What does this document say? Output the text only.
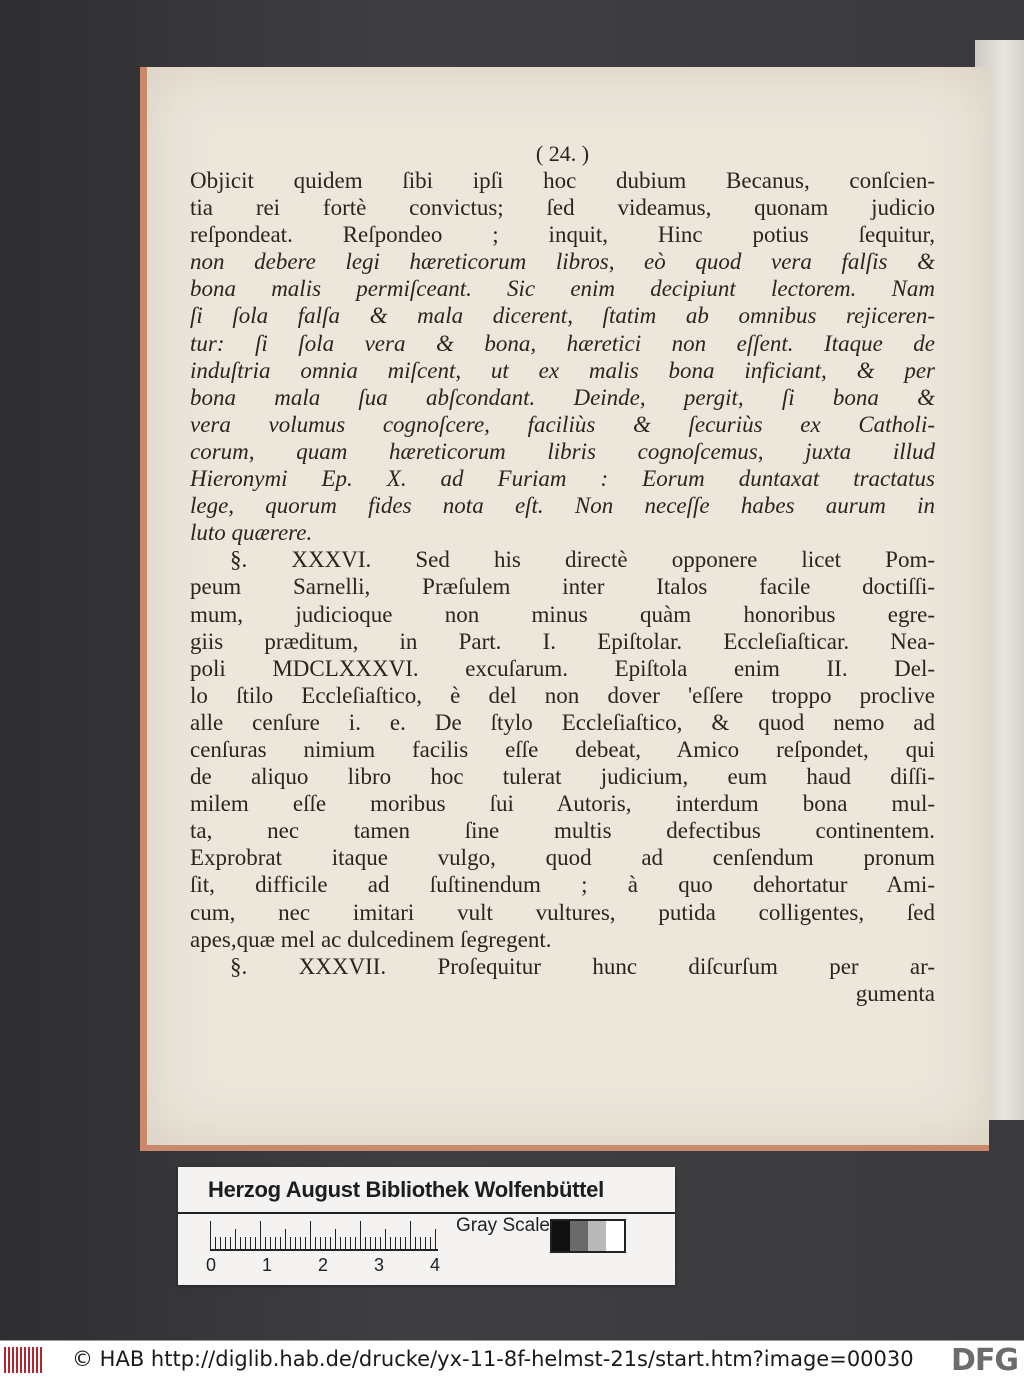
( 24. )
Objicit quidem ſibi ipſi hoc dubium Becanus, conſcien-
tia rei fortè convictus; ſed videamus, quonam judicio
reſpondeat. Reſpondeo ; inquit, Hinc potius ſequitur,
non debere legi hæreticorum libros, eò quod vera falſis &
bona malis permiſceant. Sic enim decipiunt lectorem. Nam
ſi ſola falſa & mala dicerent, ſtatim ab omnibus rejiceren-
tur: ſi ſola vera & bona, hæretici non eſſent. Itaque de
induſtria omnia miſcent, ut ex malis bona inficiant, & per
bona mala ſua abſcondant. Deinde, pergit, ſi bona &
vera volumus cognoſcere, faciliùs & ſecuriùs ex Catholi-
corum, quam hæreticorum libris cognoſcemus, juxta illud
Hieronymi Ep. X. ad Furiam : Eorum duntaxat tractatus
lege, quorum fides nota eſt. Non neceſſe habes aurum in
luto quærere.
§. XXXVI. Sed his directè opponere licet Pom-
peum Sarnelli, Præſulem inter Italos facile doctiſſi-
mum, judicioque non minus quàm honoribus egre-
giis præditum, in Part. I. Epiſtolar. Eccleſiaſticar. Nea-
poli MDCLXXXVI. excuſarum. Epiſtola enim II. Del-
lo ſtilo Eccleſiaſtico, è del non dover 'eſſere troppo proclive
alle cenſure i. e. De ſtylo Eccleſiaſtico, & quod nemo ad
cenſuras nimium facilis eſſe debeat, Amico reſpondet, qui
de aliquo libro hoc tulerat judicium, eum haud diſſi-
milem eſſe moribus ſui Autoris, interdum bona mul-
ta, nec tamen ſine multis defectibus continentem.
Exprobrat itaque vulgo, quod ad cenſendum pronum
ſit, difficile ad ſuſtinendum ; à quo dehortatur Ami-
cum, nec imitari vult vultures, putida colligentes, ſed
apes,quæ mel ac dulcedinem ſegregent.
§. XXXVII. Proſequitur hunc diſcurſum per ar-
gumenta
Herzog August Bibliothek Wolfenbüttel
0	1	2	3	4
Gray Scale
© HAB http://diglib.hab.de/drucke/yx-11-8f-helmst-21s/start.htm?image=00030 DFG
